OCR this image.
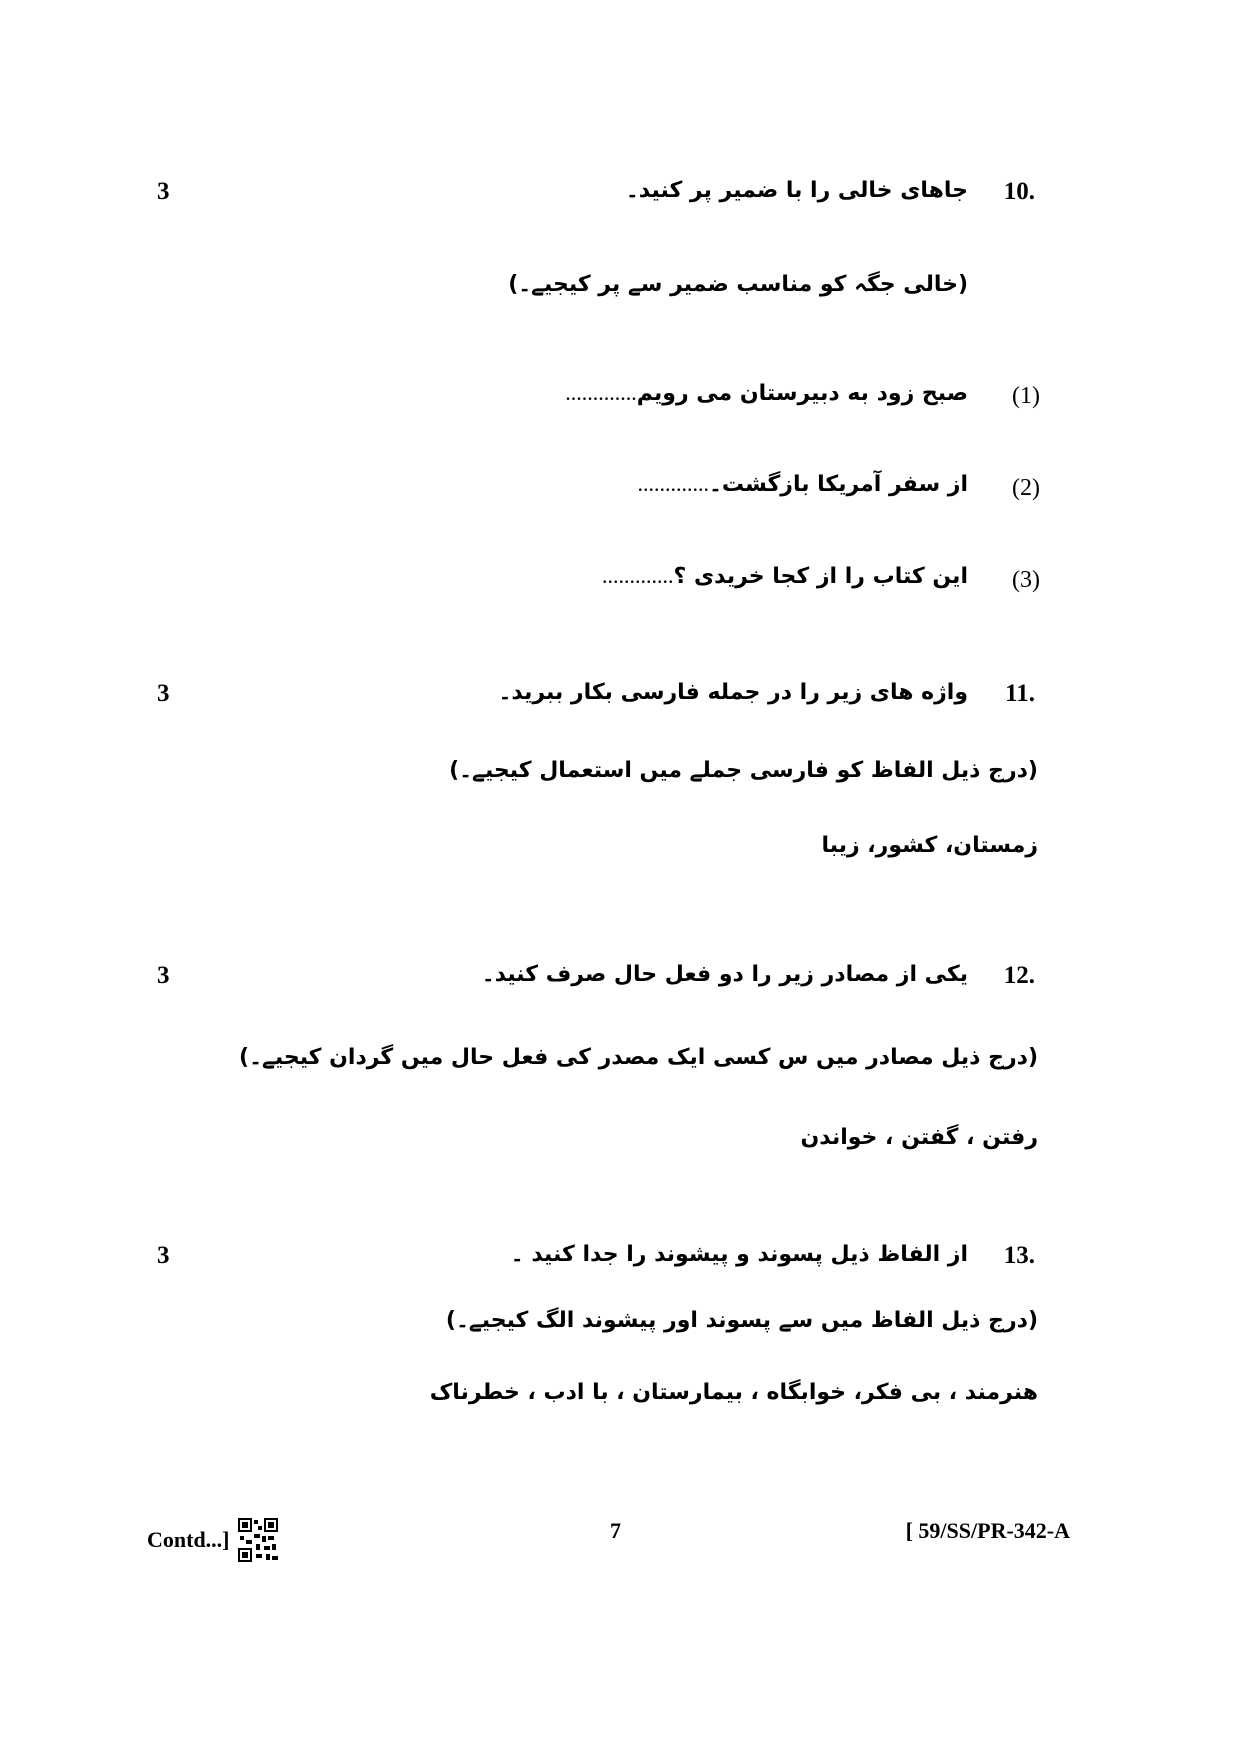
10.
3	جاهای خالی را با ضمیر پر کنید۔
(خالی جگہ کو مناسب ضمیر سے پر کیجیے۔)
(1)
صبح زود به دبیرستان می رویم.............
(2)
از سفر آمریکا بازگشت۔.............
(3)
این کتاب را از کجا خریدی ؟.............
11.
3	واژه های زیر را در جمله فارسی بکار ببرید۔
(درج ذیل الفاظ کو فارسی جملے میں استعمال کیجیے۔)
زمستان، کشور، زیبا
12.
3	یکی از مصادر زیر را دو فعل حال صرف کنید۔
(درج ذیل مصادر میں س کسی ایک مصدر کی فعل حال میں گردان کیجیے۔)
رفتن ، گفتن ، خواندن
13.
3	از الفاظ ذیل پسوند و پیشوند را جدا کنید ۔
(درج ذیل الفاظ میں سے پسوند اور پیشوند الگ کیجیے۔)
هنرمند ، بی فکر، خوابگاه ، بیمارستان ، با ادب ، خطرناک
Contd...]	7	[ 59/SS/PR-342-A
